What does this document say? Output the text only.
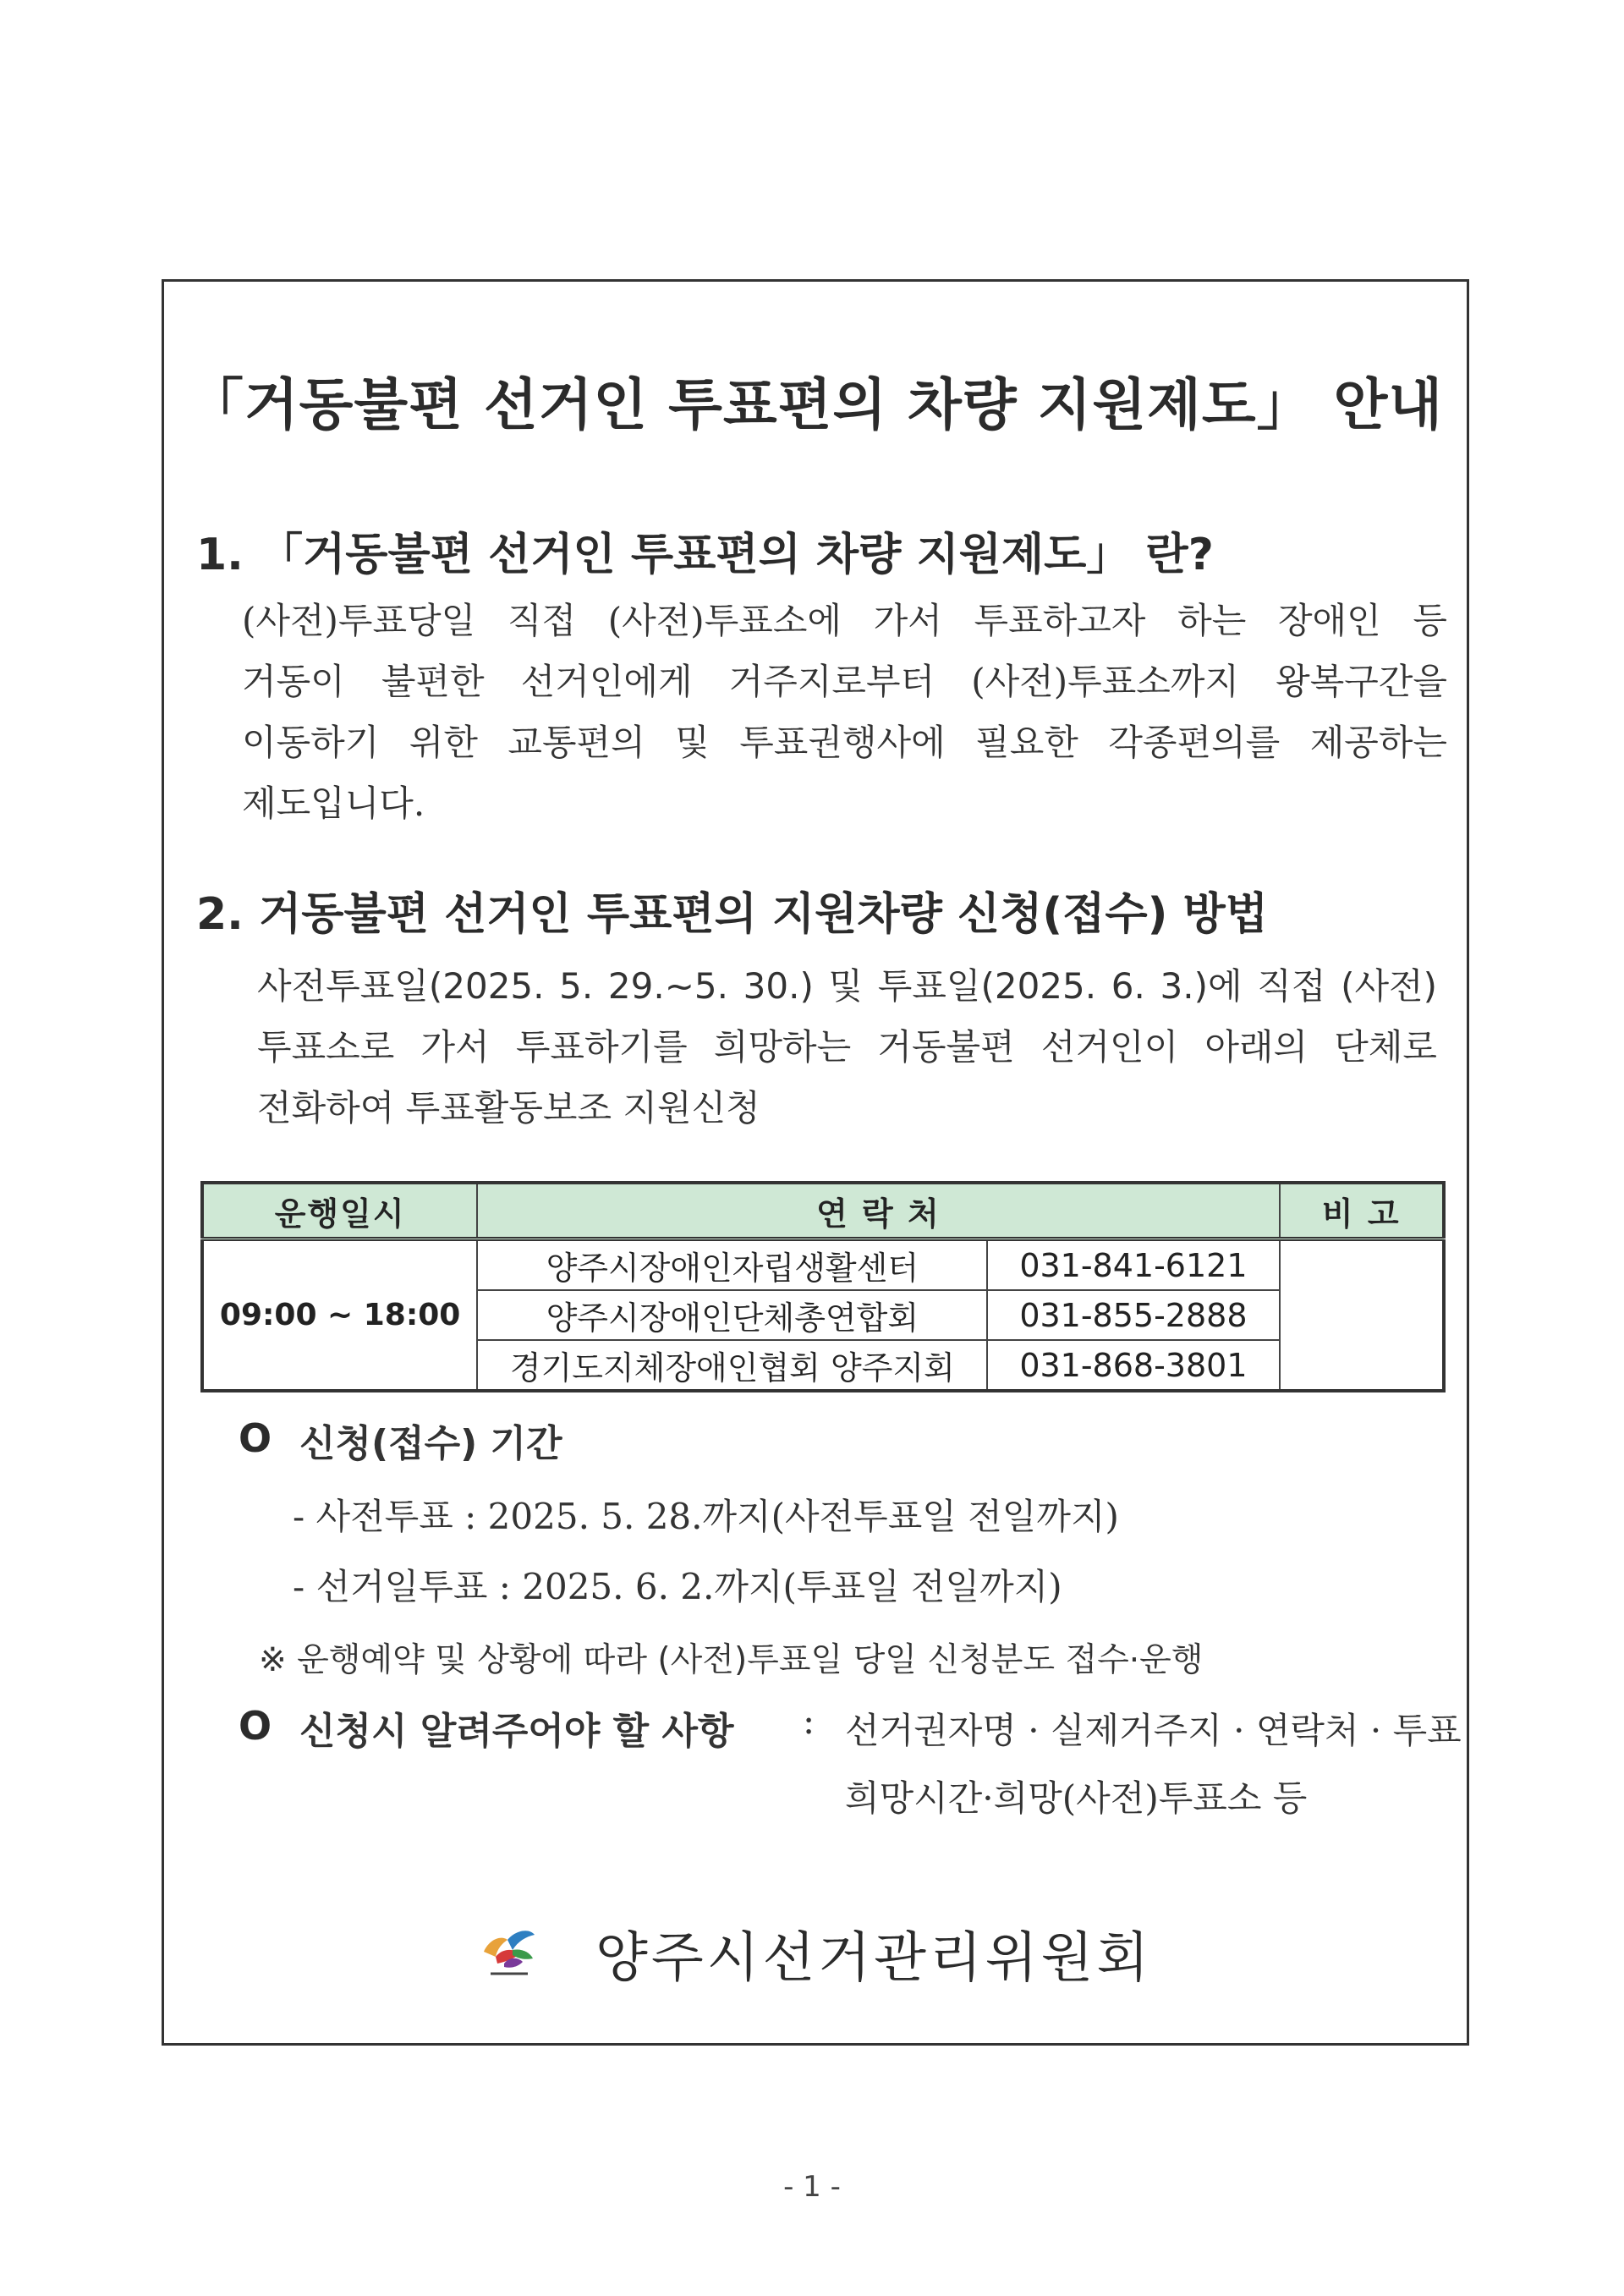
「거동불편 선거인 투표편의 차량 지원제도」 안내
1. 「거동불편 선거인 투표편의 차량 지원제도」 란?
(사전)투표당일 직접 (사전)투표소에 가서 투표하고자 하는 장애인 등
거동이 불편한 선거인에게 거주지로부터 (사전)투표소까지 왕복구간을
이동하기 위한 교통편의 및 투표권행사에 필요한 각종편의를 제공하는
제도입니다.
2. 거동불편 선거인 투표편의 지원차량 신청(접수) 방법
사전투표일(2025. 5. 29.~5. 30.) 및 투표일(2025. 6. 3.)에 직접 (사전)
투표소로 가서 투표하기를 희망하는 거동불편 선거인이 아래의 단체로
전화하여 투표활동보조 지원신청
운행일시	연 락 처		비 고
09:00 ~ 18:00	양주시장애인자립생활센터	031-841-6121	
	양주시장애인단체총연합회	031-855-2888	
	경기도지체장애인협회 양주지회	031-868-3801	
O 신청(접수) 기간
- 사전투표 : 2025. 5. 28.까지(사전투표일 전일까지)
- 선거일투표 : 2025. 6. 2.까지(투표일 전일까지)
※ 운행예약 및 상황에 따라 (사전)투표일 당일 신청분도 접수·운행
O 신청시 알려주어야 할 사항 : 선거권자명 · 실제거주지 · 연락처 · 투표
희망시간·희망(사전)투표소 등
양주시선거관리위원회
- 1 -
